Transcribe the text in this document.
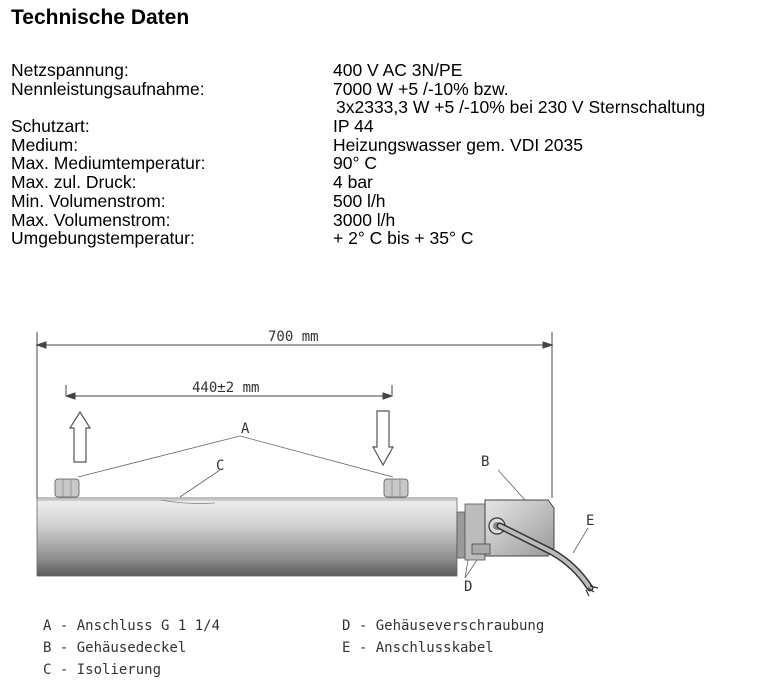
Technische Daten
Netzspannung:	400 V AC 3N/PE
Nennleistungsaufnahme:	7000 W +5 /-10% bzw.
3x2333,3 W +5 /-10% bei 230 V Sternschaltung
Schutzart:	IP 44
Medium:	Heizungswasser gem. VDI 2035
Max. Mediumtemperatur:	90° C
Max. zul. Druck:	4 bar
Min. Volumenstrom:	500 l/h
Max. Volumenstrom:	3000 l/h
Umgebungstemperatur:	+ 2° C bis + 35° C
700 mm
440±2 mm
A
C	B
D
E
A - Anschluss G 1 1/4
B - Gehäusedeckel
C - Isolierung
D - Gehäuseverschraubung
E - Anschlusskabel
